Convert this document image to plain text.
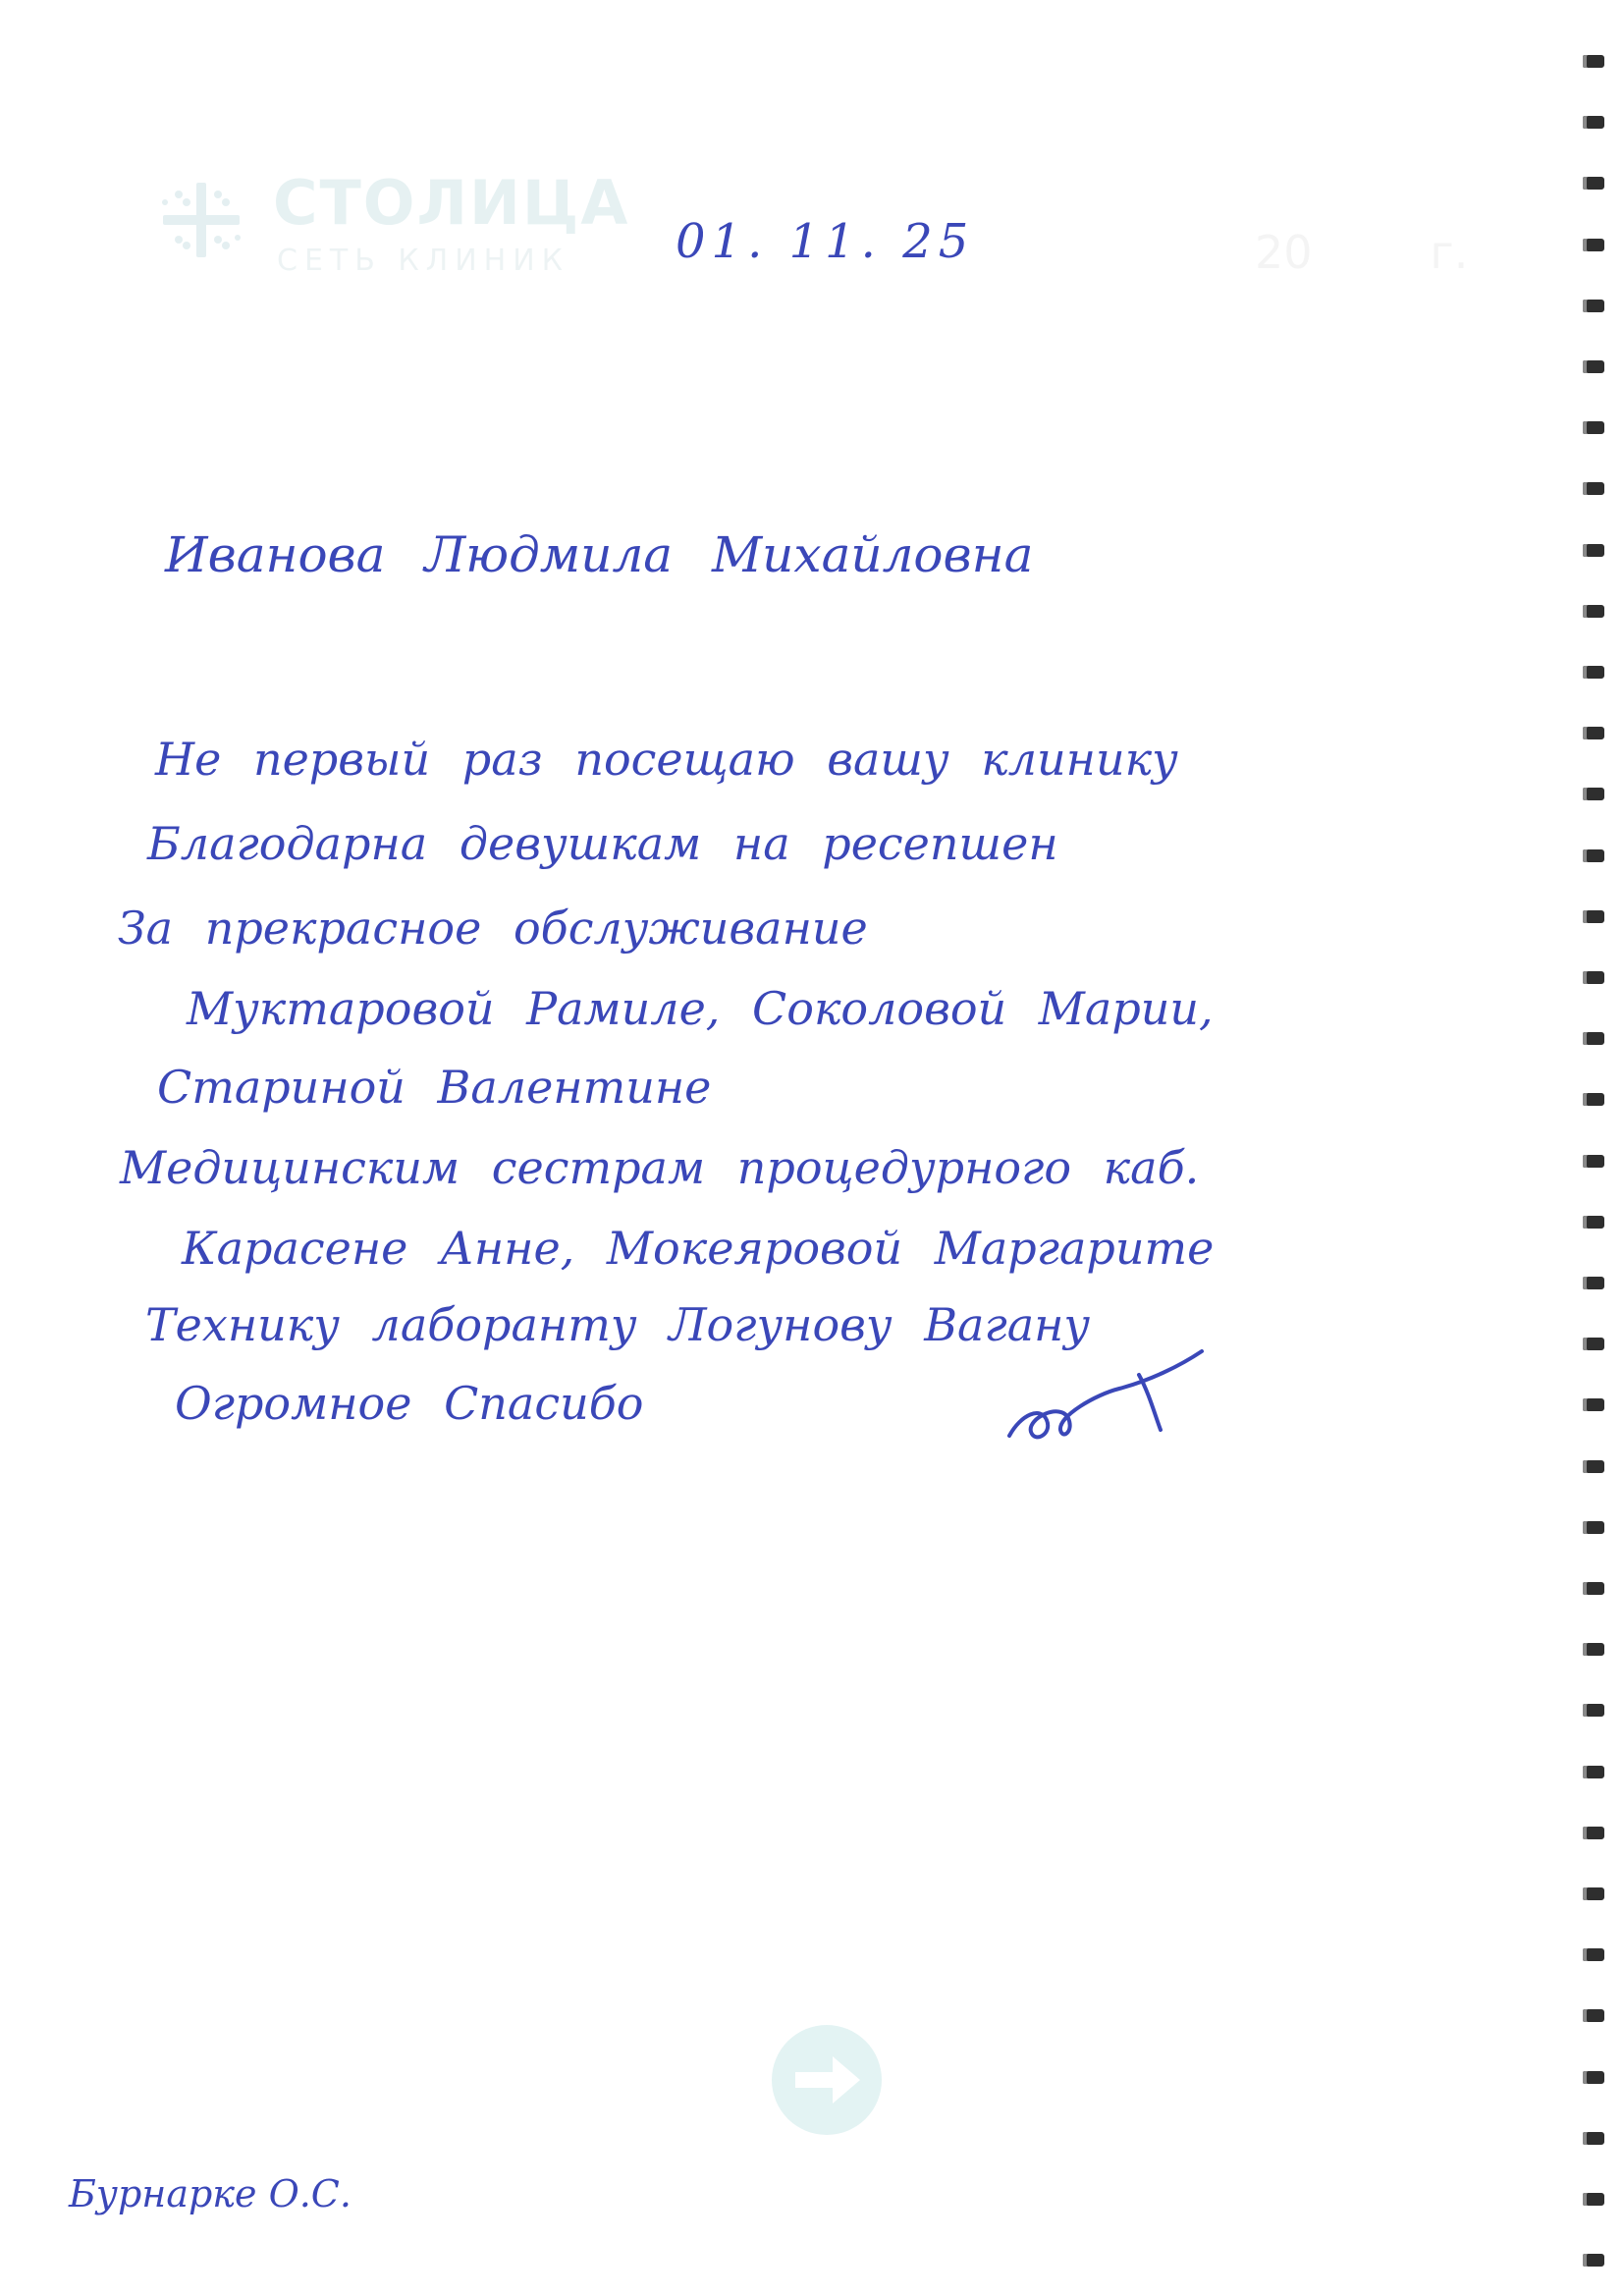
СТОЛИЦА
СЕТЬ КЛИНИК	20	г.
01. 11. 25
Иванова Людмила Михайловна
Не первый раз посещаю вашу клинику
Благодарна девушкам на ресепшен
За прекрасное обслуживание
Муктаровой Рамиле, Соколовой Марии,
Стариной Валентине
Медицинским сестрам процедурного каб.
Карасене Анне, Мокеяровой Маргарите
Технику лаборанту Логунову Вагану
Огромное Спасибо
Бурнарке О.С.
